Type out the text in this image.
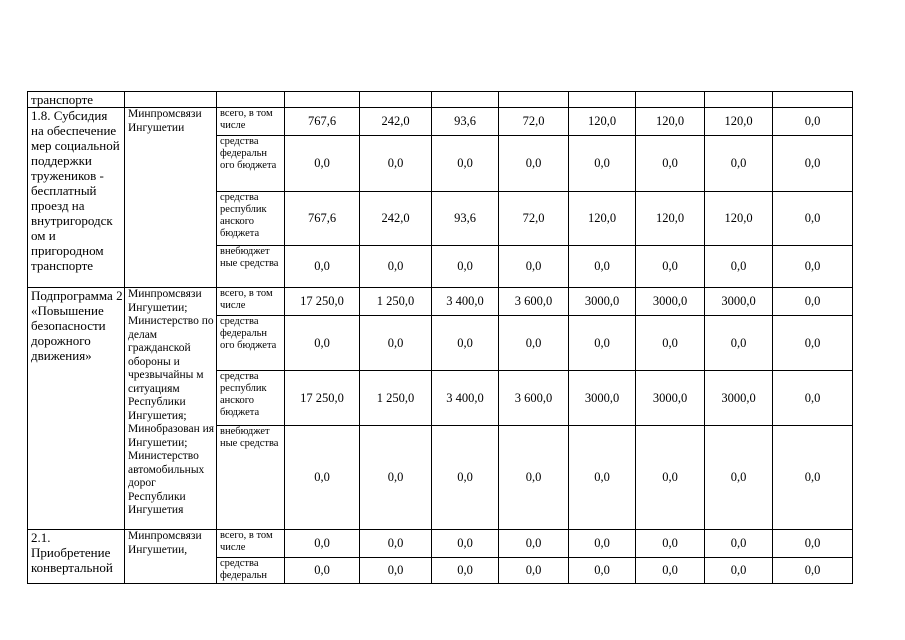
транспорте										
1.8. Субсидия на обеспечение мер социальной поддержки тружеников - бесплатный проезд на внутригородск ом и пригородном транспорте	Минпромсвязи Ингушетии	всего, в том числе	767,6	242,0	93,6	72,0	120,0	120,0	120,0	0,0
		средства федеральн ого бюджета	0,0	0,0	0,0	0,0	0,0	0,0	0,0	0,0
		средства республик анского бюджета	767,6	242,0	93,6	72,0	120,0	120,0	120,0	0,0
		внебюджет ные средства	0,0	0,0	0,0	0,0	0,0	0,0	0,0	0,0
Подпрограмма 2 «Повышение безопасности дорожного движения»	Минпромсвязи Ингушетии; Министерство по делам гражданской обороны и чрезвычайны м ситуациям Республики Ингушетия; Минобразован ия Ингушетии; Министерство автомобильных дорог Республики Ингушетия	всего, в том числе	17 250,0	1 250,0	3 400,0	3 600,0	3000,0	3000,0	3000,0	0,0
		средства федеральн ого бюджета	0,0	0,0	0,0	0,0	0,0	0,0	0,0	0,0
		средства республик анского бюджета	17 250,0	1 250,0	3 400,0	3 600,0	3000,0	3000,0	3000,0	0,0
		внебюджет ные средства	0,0	0,0	0,0	0,0	0,0	0,0	0,0	0,0
2.1. Приобретение конвертальной	Минпромсвязи Ингушетии,	всего, в том числе	0,0	0,0	0,0	0,0	0,0	0,0	0,0	0,0
		средства федеральн	0,0	0,0	0,0	0,0	0,0	0,0	0,0	0,0
